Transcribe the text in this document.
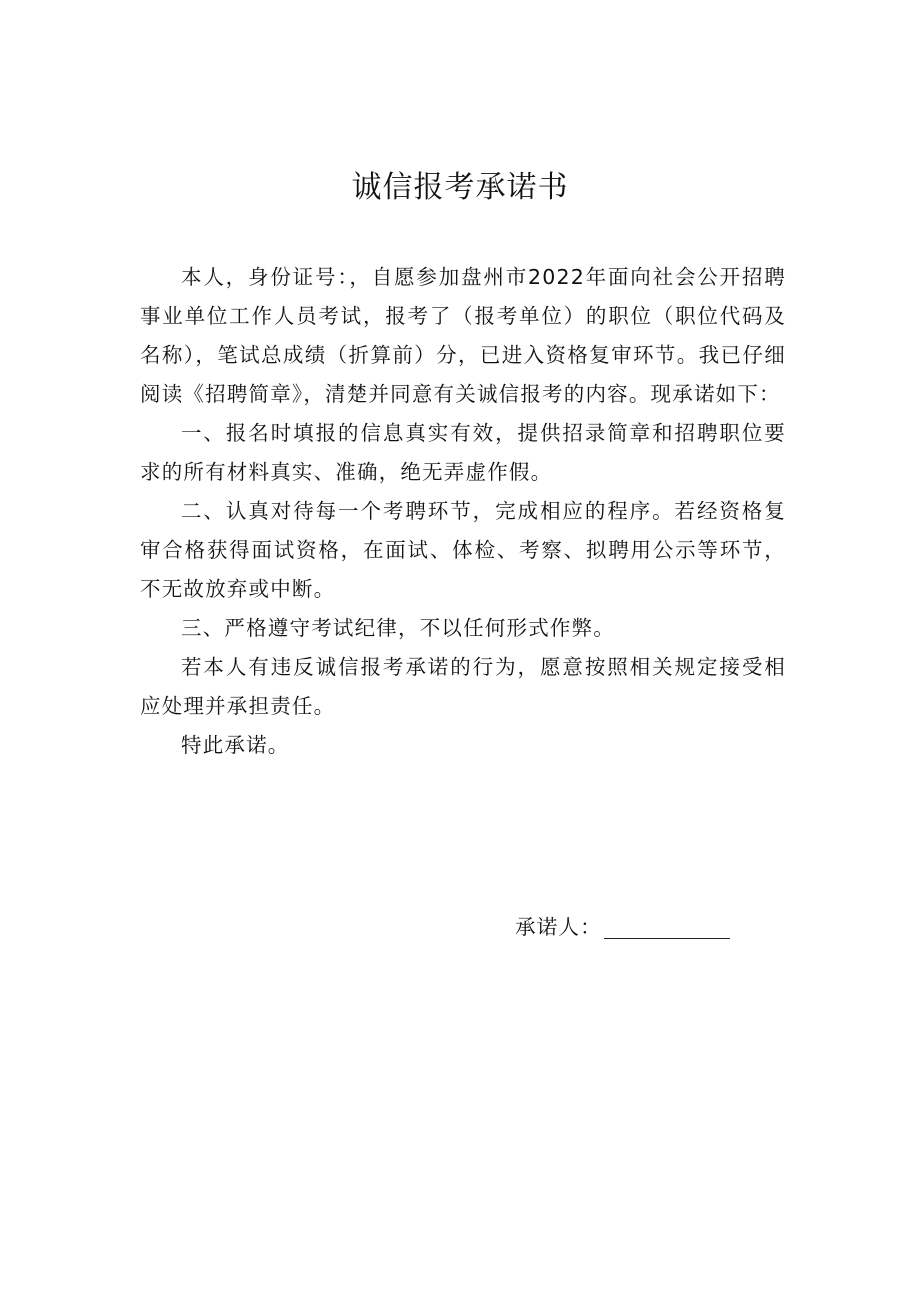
诚信报考承诺书

本人，身份证号：，自愿参加盘州市2022年面向社会公开招聘事业单位工作人员考试，报考了（报考单位）的职位（职位代码及名称），笔试总成绩（折算前）分，已进入资格复审环节。我已仔细阅读《招聘简章》，清楚并同意有关诚信报考的内容。现承诺如下：

一、报名时填报的信息真实有效，提供招录简章和招聘职位要求的所有材料真实、准确，绝无弄虚作假。

二、认真对待每一个考聘环节，完成相应的程序。若经资格复审合格获得面试资格，在面试、体检、考察、拟聘用公示等环节，不无故放弃或中断。

三、严格遵守考试纪律，不以任何形式作弊。

若本人有违反诚信报考承诺的行为，愿意按照相关规定接受相应处理并承担责任。

特此承诺。

承诺人：
